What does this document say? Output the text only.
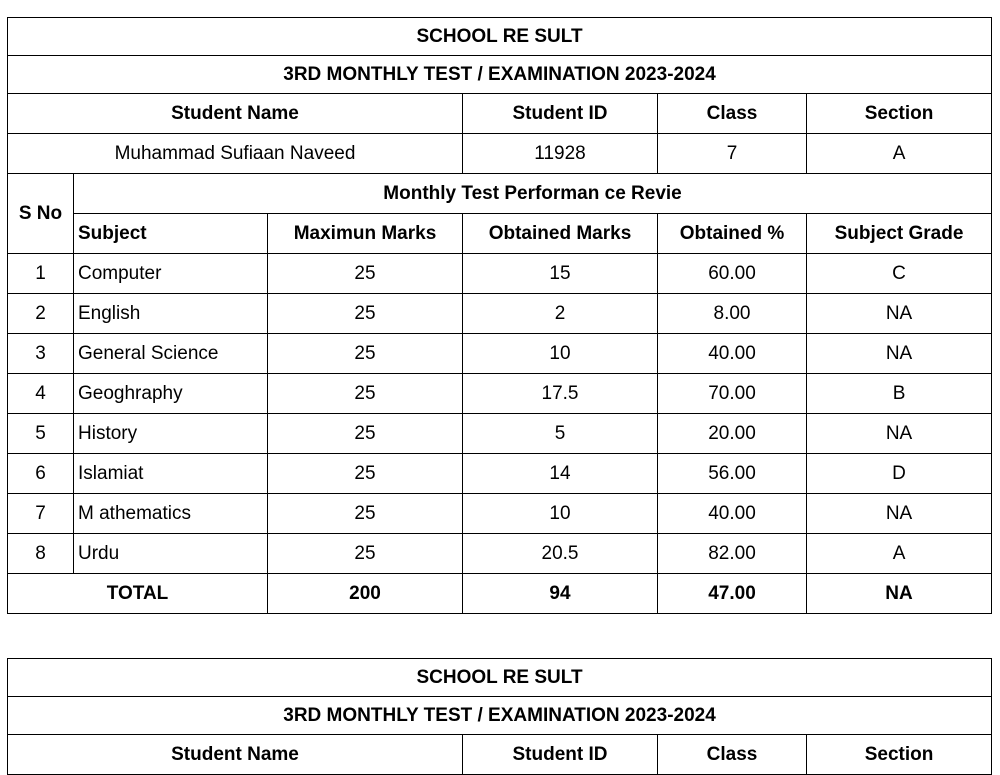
SCHOOL RE SULT					
3RD MONTHLY TEST / EXAMINATION 2023-2024					
Student Name			Student ID	Class	Section
Muhammad Sufiaan Naveed			11928	7	A
S No	Monthly Test Performan ce Revie				
	Subject	Maximun Marks	Obtained Marks	Obtained %	Subject Grade
1	Computer	25	15	60.00	C
2	English	25	2	8.00	NA
3	General Science	25	10	40.00	NA
4	Geoghraphy	25	17.5	70.00	B
5	History	25	5	20.00	NA
6	Islamiat	25	14	56.00	D
7	M athematics	25	10	40.00	NA
8	Urdu	25	20.5	82.00	A
TOTAL		200	94	47.00	NA
SCHOOL RE SULT
3RD MONTHLY TEST / EXAMINATION 2023-2024
Student Name	Student ID	Class	Section
